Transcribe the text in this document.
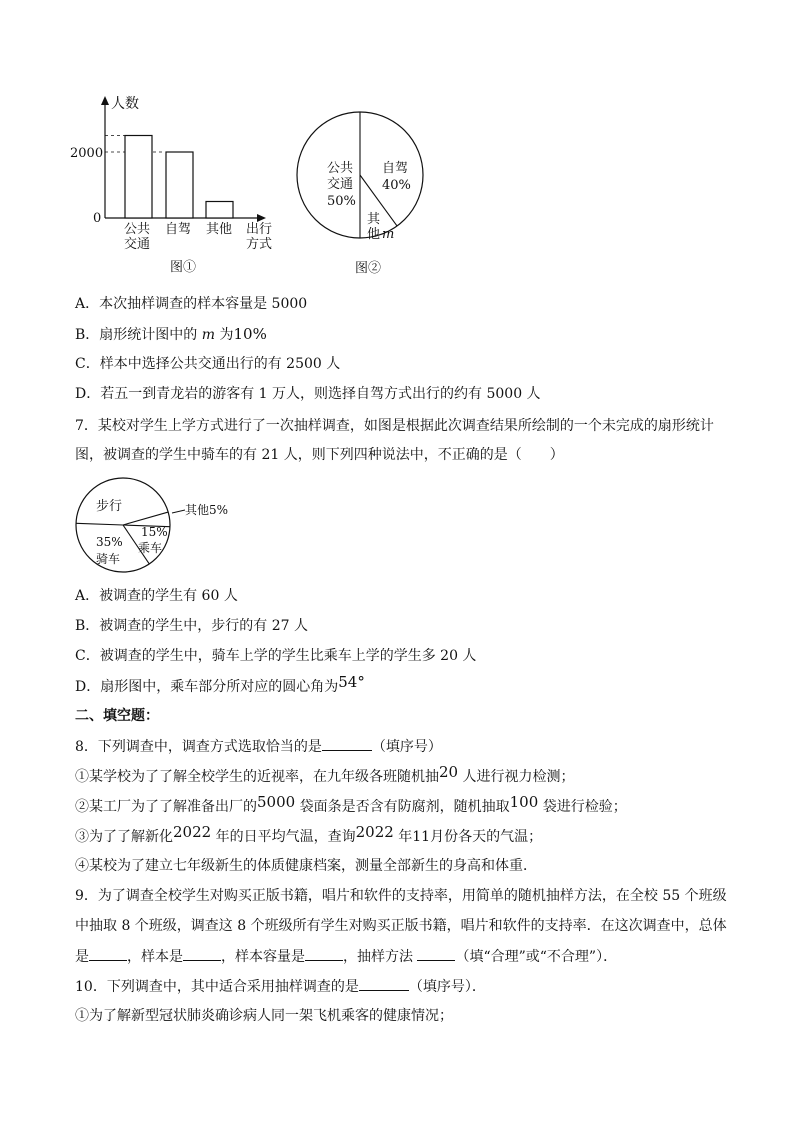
人数
2000
0
公共
交通
自驾 其他 出行
方式
图①
公共
交通
50%
自驾
40%
其
他 m
图②
A．本次抽样调查的样本容量是 5000
B．扇形统计图中的 m 为10%
C．样本中选择公共交通出行的有 2500 人
D．若五一到青龙岩的游客有 1 万人，则选择自驾方式出行的约有 5000 人
7．某校对学生上学方式进行了一次抽样调查，如图是根据此次调查结果所绘制的一个未完成的扇形统计
图，被调查的学生中骑车的有 21 人，则下列四种说法中，不正确的是（　　）
步行	其他5%
15%
乘车
35%
骑车
A．被调查的学生有 60 人
B．被调查的学生中，步行的有 27 人
C．被调查的学生中，骑车上学的学生比乘车上学的学生多 20 人
D．扇形图中，乘车部分所对应的圆心角为54°
二、填空题：
8．下列调查中，调查方式选取恰当的是	（填序号）
①某学校为了了解全校学生的近视率，在九年级各班随机抽20 人进行视力检测；
②某工厂为了了解准备出厂的5000 袋面条是否含有防腐剂，随机抽取100 袋进行检验；
③为了了解新化2022 年的日平均气温，查询2022 年11月份各天的气温；
④某校为了建立七年级新生的体质健康档案，测量全部新生的身高和体重．
9．为了调查全校学生对购买正版书籍，唱片和软件的支持率，用简单的随机抽样方法，在全校 55 个班级
中抽取 8 个班级，调查这 8 个班级所有学生对购买正版书籍，唱片和软件的支持率．在这次调查中，总体
是	，样本是	，样本容量是	，抽样方法	（填“合理”或“不合理”）．
10．下列调查中，其中适合采用抽样调查的是	（填序号）．
①为了解新型冠状肺炎确诊病人同一架飞机乘客的健康情况；
